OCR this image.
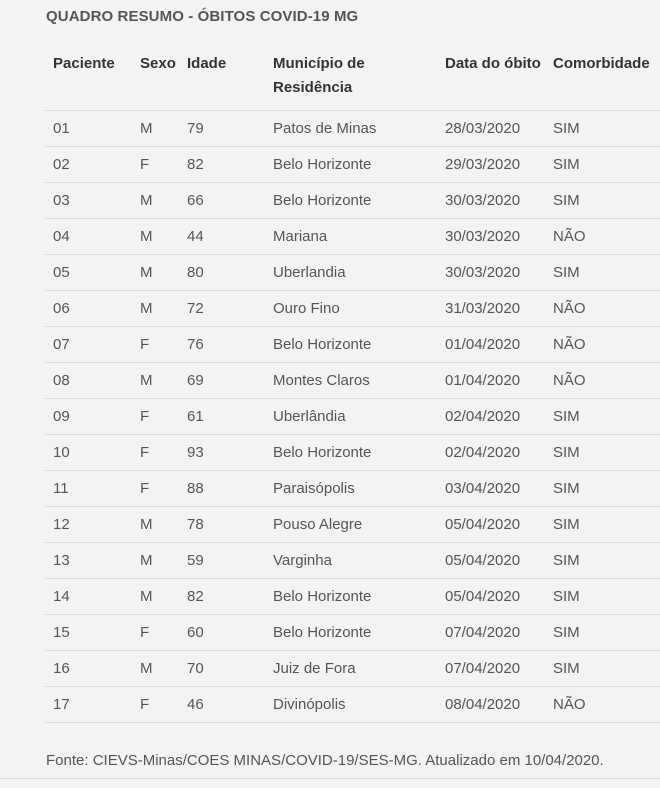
QUADRO RESUMO - ÓBITOS COVID-19 MG
Paciente	Sexo	Idade	Município de Residência	Data do óbito	Comorbidade
01	M	79	Patos de Minas	28/03/2020	SIM
02	F	82	Belo Horizonte	29/03/2020	SIM
03	M	66	Belo Horizonte	30/03/2020	SIM
04	M	44	Mariana	30/03/2020	NÃO
05	M	80	Uberlandia	30/03/2020	SIM
06	M	72	Ouro Fino	31/03/2020	NÃO
07	F	76	Belo Horizonte	01/04/2020	NÃO
08	M	69	Montes Claros	01/04/2020	NÃO
09	F	61	Uberlândia	02/04/2020	SIM
10	F	93	Belo Horizonte	02/04/2020	SIM
11	F	88	Paraisópolis	03/04/2020	SIM
12	M	78	Pouso Alegre	05/04/2020	SIM
13	M	59	Varginha	05/04/2020	SIM
14	M	82	Belo Horizonte	05/04/2020	SIM
15	F	60	Belo Horizonte	07/04/2020	SIM
16	M	70	Juiz de Fora	07/04/2020	SIM
17	F	46	Divinópolis	08/04/2020	NÃO
Fonte: CIEVS-Minas/COES MINAS/COVID-19/SES-MG. Atualizado em 10/04/2020.
